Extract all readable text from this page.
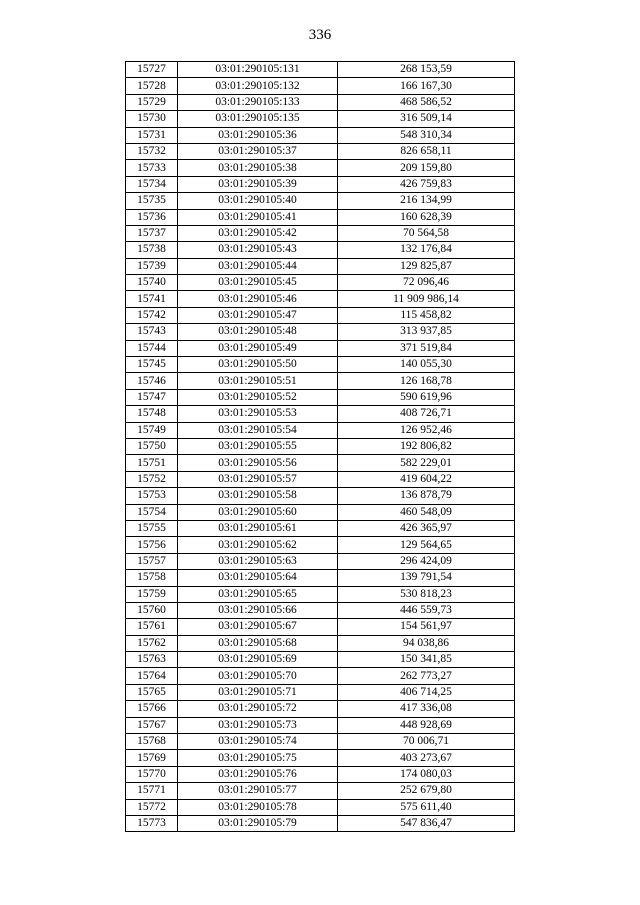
336
15727	03:01:290105:131	268 153,59
15728	03:01:290105:132	166 167,30
15729	03:01:290105:133	468 586,52
15730	03:01:290105:135	316 509,14
15731	03:01:290105:36	548 310,34
15732	03:01:290105:37	826 658,11
15733	03:01:290105:38	209 159,80
15734	03:01:290105:39	426 759,83
15735	03:01:290105:40	216 134,99
15736	03:01:290105:41	160 628,39
15737	03:01:290105:42	70 564,58
15738	03:01:290105:43	132 176,84
15739	03:01:290105:44	129 825,87
15740	03:01:290105:45	72 096,46
15741	03:01:290105:46	11 909 986,14
15742	03:01:290105:47	115 458,82
15743	03:01:290105:48	313 937,85
15744	03:01:290105:49	371 519,84
15745	03:01:290105:50	140 055,30
15746	03:01:290105:51	126 168,78
15747	03:01:290105:52	590 619,96
15748	03:01:290105:53	408 726,71
15749	03:01:290105:54	126 952,46
15750	03:01:290105:55	192 806,82
15751	03:01:290105:56	582 229,01
15752	03:01:290105:57	419 604,22
15753	03:01:290105:58	136 878,79
15754	03:01:290105:60	460 548,09
15755	03:01:290105:61	426 365,97
15756	03:01:290105:62	129 564,65
15757	03:01:290105:63	296 424,09
15758	03:01:290105:64	139 791,54
15759	03:01:290105:65	530 818,23
15760	03:01:290105:66	446 559,73
15761	03:01:290105:67	154 561,97
15762	03:01:290105:68	94 038,86
15763	03:01:290105:69	150 341,85
15764	03:01:290105:70	262 773,27
15765	03:01:290105:71	406 714,25
15766	03:01:290105:72	417 336,08
15767	03:01:290105:73	448 928,69
15768	03:01:290105:74	70 006,71
15769	03:01:290105:75	403 273,67
15770	03:01:290105:76	174 080,03
15771	03:01:290105:77	252 679,80
15772	03:01:290105:78	575 611,40
15773	03:01:290105:79	547 836,47
